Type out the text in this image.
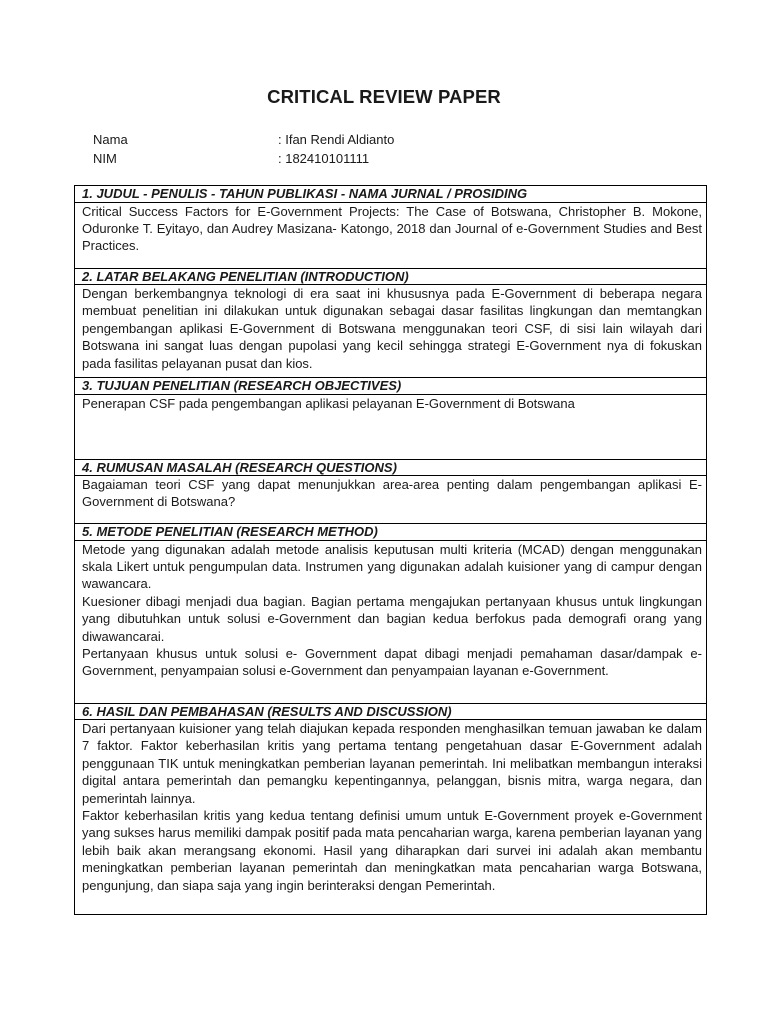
CRITICAL REVIEW PAPER
Nama	: Ifan Rendi Aldianto
NIM	: 182410101111
1. JUDUL - PENULIS - TAHUN PUBLIKASI - NAMA JURNAL / PROSIDING

Critical Success Factors for E-Government Projects: The Case of Botswana, Christopher B. Mokone, Oduronke T. Eyitayo, dan Audrey Masizana- Katongo, 2018 dan Journal of e-Government Studies and Best Practices.

2. LATAR BELAKANG PENELITIAN (INTRODUCTION)

Dengan berkembangnya teknologi di era saat ini khususnya pada E-Government di beberapa negara membuat penelitian ini dilakukan untuk digunakan sebagai dasar fasilitas lingkungan dan memtangkan pengembangan aplikasi E-Government di Botswana menggunakan teori CSF, di sisi lain wilayah dari Botswana ini sangat luas dengan pupolasi yang kecil sehingga strategi E-Government nya di fokuskan pada fasilitas pelayanan pusat dan kios.

3. TUJUAN PENELITIAN (RESEARCH OBJECTIVES)

Penerapan CSF pada pengembangan aplikasi pelayanan E-Government di Botswana

4. RUMUSAN MASALAH (RESEARCH QUESTIONS)

Bagaiaman teori CSF yang dapat menunjukkan area-area penting dalam pengembangan aplikasi E-Government di Botswana?

5. METODE PENELITIAN (RESEARCH METHOD)

Metode yang digunakan adalah metode analisis keputusan multi kriteria (MCAD) dengan menggunakan skala Likert untuk pengumpulan data. Instrumen yang digunakan adalah kuisioner yang di campur dengan wawancara.

Kuesioner dibagi menjadi dua bagian. Bagian pertama mengajukan pertanyaan khusus untuk lingkungan yang dibutuhkan untuk solusi e-Government dan bagian kedua berfokus pada demografi orang yang diwawancarai.

Pertanyaan khusus untuk solusi e- Government dapat dibagi menjadi pemahaman dasar/dampak e-Government, penyampaian solusi e-Government dan penyampaian layanan e-Government.

6. HASIL DAN PEMBAHASAN (RESULTS AND DISCUSSION)

Dari pertanyaan kuisioner yang telah diajukan kepada responden menghasilkan temuan jawaban ke dalam 7 faktor. Faktor keberhasilan kritis yang pertama tentang pengetahuan dasar E-Government adalah penggunaan TIK untuk meningkatkan pemberian layanan pemerintah. Ini melibatkan membangun interaksi digital antara pemerintah dan pemangku kepentingannya, pelanggan, bisnis mitra, warga negara, dan pemerintah lainnya.

Faktor keberhasilan kritis yang kedua tentang definisi umum untuk E-Government proyek e-Government yang sukses harus memiliki dampak positif pada mata pencaharian warga, karena pemberian layanan yang lebih baik akan merangsang ekonomi. Hasil yang diharapkan dari survei ini adalah akan membantu meningkatkan pemberian layanan pemerintah dan meningkatkan mata pencaharian warga Botswana, pengunjung, dan siapa saja yang ingin berinteraksi dengan Pemerintah.
